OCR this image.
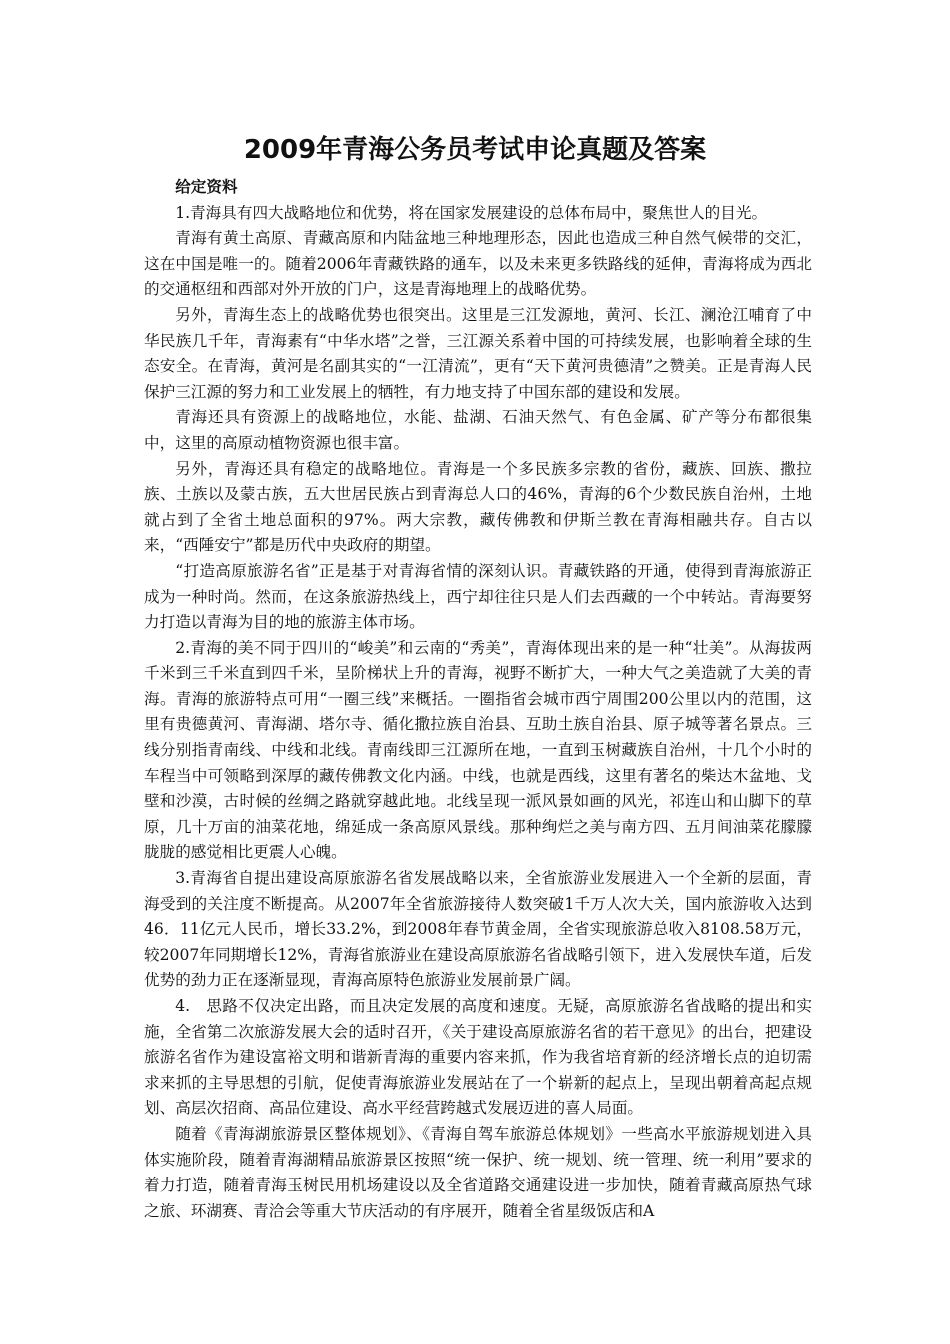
2009年青海公务员考试申论真题及答案

给定资料

1.青海具有四大战略地位和优势，将在国家发展建设的总体布局中，聚焦世人的目光。

青海有黄土高原、青藏高原和内陆盆地三种地理形态，因此也造成三种自然气候带的交汇，这在中国是唯一的。随着2006年青藏铁路的通车，以及未来更多铁路线的延伸，青海将成为西北的交通枢纽和西部对外开放的门户，这是青海地理上的战略优势。

另外，青海生态上的战略优势也很突出。这里是三江发源地，黄河、长江、澜沧江哺育了中华民族几千年，青海素有“中华水塔”之誉，三江源关系着中国的可持续发展，也影响着全球的生态安全。在青海，黄河是名副其实的“一江清流”，更有“天下黄河贵德清”之赞美。正是青海人民保护三江源的努力和工业发展上的牺牲，有力地支持了中国东部的建设和发展。

青海还具有资源上的战略地位，水能、盐湖、石油天然气、有色金属、矿产等分布都很集中，这里的高原动植物资源也很丰富。

另外，青海还具有稳定的战略地位。青海是一个多民族多宗教的省份，藏族、回族、撒拉族、土族以及蒙古族，五大世居民族占到青海总人口的46%，青海的6个少数民族自治州，土地就占到了全省土地总面积的97%。两大宗教，藏传佛教和伊斯兰教在青海相融共存。自古以来，“西陲安宁”都是历代中央政府的期望。

“打造高原旅游名省”正是基于对青海省情的深刻认识。青藏铁路的开通，使得到青海旅游正成为一种时尚。然而，在这条旅游热线上，西宁却往往只是人们去西藏的一个中转站。青海要努力打造以青海为目的地的旅游主体市场。

2.青海的美不同于四川的“峻美”和云南的“秀美”，青海体现出来的是一种“壮美”。从海拔两千米到三千米直到四千米，呈阶梯状上升的青海，视野不断扩大，一种大气之美造就了大美的青海。青海的旅游特点可用“一圈三线”来概括。一圈指省会城市西宁周围200公里以内的范围，这里有贵德黄河、青海湖、塔尔寺、循化撒拉族自治县、互助土族自治县、原子城等著名景点。三线分别指青南线、中线和北线。青南线即三江源所在地，一直到玉树藏族自治州，十几个小时的车程当中可领略到深厚的藏传佛教文化内涵。中线，也就是西线，这里有著名的柴达木盆地、戈壁和沙漠，古时候的丝绸之路就穿越此地。北线呈现一派风景如画的风光，祁连山和山脚下的草原，几十万亩的油菜花地，绵延成一条高原风景线。那种绚烂之美与南方四、五月间油菜花朦朦胧胧的感觉相比更震人心魄。

3.青海省自提出建设高原旅游名省发展战略以来，全省旅游业发展进入一个全新的层面，青海受到的关注度不断提高。从2007年全省旅游接待人数突破1千万人次大关，国内旅游收入达到46．11亿元人民币，增长33.2%，到2008年春节黄金周，全省实现旅游总收入8108.58万元，较2007年同期增长12%，青海省旅游业在建设高原旅游名省战略引领下，进入发展快车道，后发优势的劲力正在逐渐显现，青海高原特色旅游业发展前景广阔。

4.　思路不仅决定出路，而且决定发展的高度和速度。无疑，高原旅游名省战略的提出和实施，全省第二次旅游发展大会的适时召开，《关于建设高原旅游名省的若干意见》的出台，把建设旅游名省作为建设富裕文明和谐新青海的重要内容来抓，作为我省培育新的经济增长点的迫切需求来抓的主导思想的引航，促使青海旅游业发展站在了一个崭新的起点上，呈现出朝着高起点规划、高层次招商、高品位建设、高水平经营跨越式发展迈进的喜人局面。

随着《青海湖旅游景区整体规划》、《青海自驾车旅游总体规划》一些高水平旅游规划进入具体实施阶段，随着青海湖精品旅游景区按照“统一保护、统一规划、统一管理、统一利用”要求的着力打造，随着青海玉树民用机场建设以及全省道路交通建设进一步加快，随着青藏高原热气球之旅、环湖赛、青洽会等重大节庆活动的有序展开，随着全省星级饭店和A
